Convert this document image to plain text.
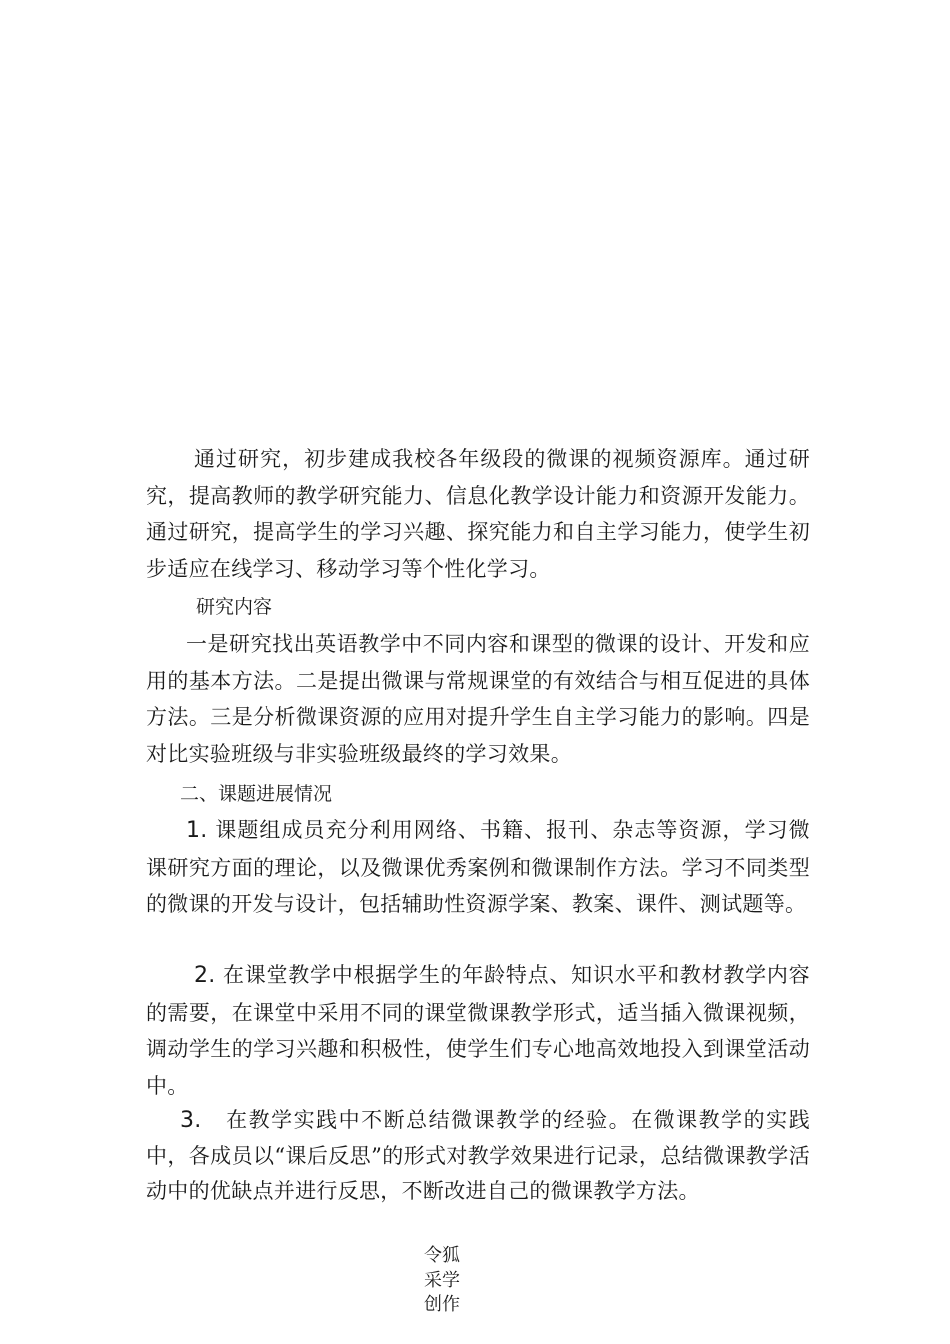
通过研究，初步建成我校各年级段的微课的视频资源库。通过研究，提高教师的教学研究能力、信息化教学设计能力和资源开发能力。通过研究，提高学生的学习兴趣、探究能力和自主学习能力，使学生初步适应在线学习、移动学习等个性化学习。

研究内容

一是研究找出英语教学中不同内容和课型的微课的设计、开发和应用的基本方法。二是提出微课与常规课堂的有效结合与相互促进的具体方法。三是分析微课资源的应用对提升学生自主学习能力的影响。四是对比实验班级与非实验班级最终的学习效果。

二、课题进展情况

1. 课题组成员充分利用网络、书籍、报刊、杂志等资源，学习微课研究方面的理论，以及微课优秀案例和微课制作方法。学习不同类型的微课的开发与设计，包括辅助性资源学案、教案、课件、测试题等。

2. 在课堂教学中根据学生的年龄特点、知识水平和教材教学内容的需要，在课堂中采用不同的课堂微课教学形式，适当插入微课视频，调动学生的学习兴趣和积极性，使学生们专心地高效地投入到课堂活动中。

3. 在教学实践中不断总结微课教学的经验。在微课教学的实践中，各成员以“课后反思”的形式对教学效果进行记录，总结微课教学活动中的优缺点并进行反思，不断改进自己的微课教学方法。

令狐采学创作
